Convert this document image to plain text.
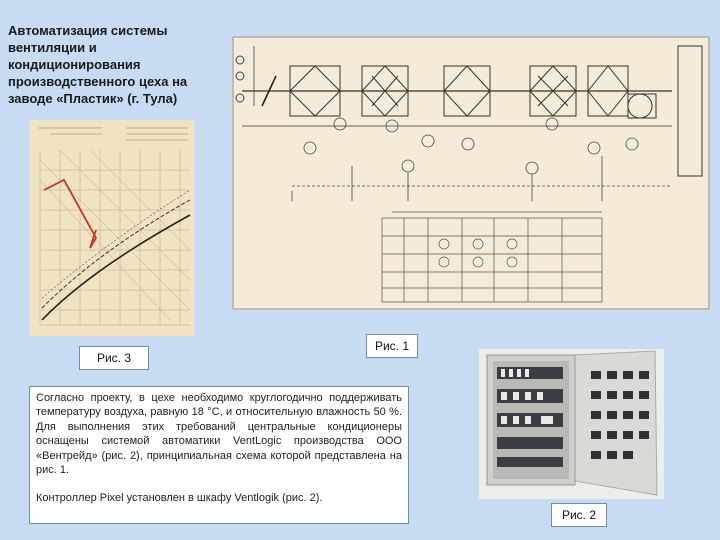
Автоматизация системы вентиляции и кондиционирования производственного цеха на заводе «Пластик» (г. Тула)
Рис. 3
Рис. 1
Рис. 2

Согласно проекту, в цехе необходимо круглогодично поддерживать температуру воздуха, равную 18 °С, и относительную влажность 50 %. Для выполнения этих требований центральные кондиционеры оснащены системой автоматики VentLogic производства ООО «Вентрейд» (рис. 2), принципиальная схема которой представлена на рис. 1.

Контроллер Pixel установлен в шкафу Ventlogik (рис. 2).
